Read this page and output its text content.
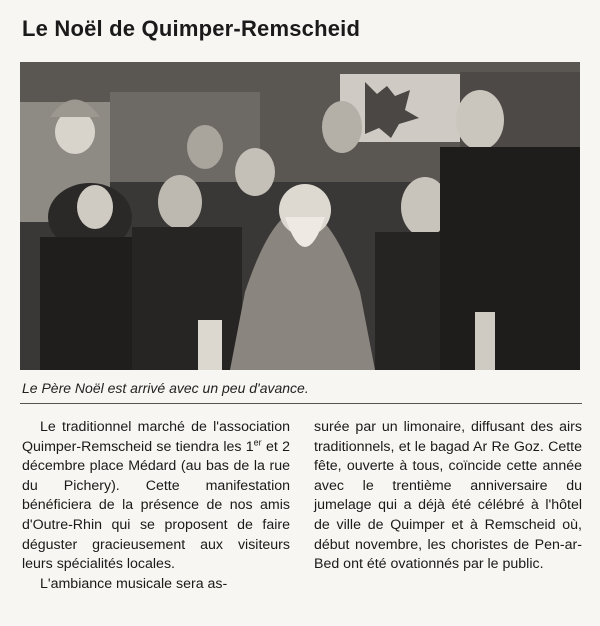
Le Noël de Quimper-Remscheid
Le Père Noël est arrivé avec un peu d'avance.

Le traditionnel marché de l'association Quimper-Remscheid se tiendra les 1er et 2 décembre place Médard (au bas de la rue du Pichery). Cette manifestation bénéficiera de la présence de nos amis d'Outre-Rhin qui se proposent de faire déguster gracieusement aux visiteurs leurs spécialités locales.

L'ambiance musicale sera as-

surée par un limonaire, diffusant des airs traditionnels, et le bagad Ar Re Goz. Cette fête, ouverte à tous, coïncide cette année avec le trentième anniversaire du jumelage qui a déjà été célébré à l'hôtel de ville de Quimper et à Remscheid où, début novembre, les choristes de Pen-ar-Bed ont été ovationnés par le public.
